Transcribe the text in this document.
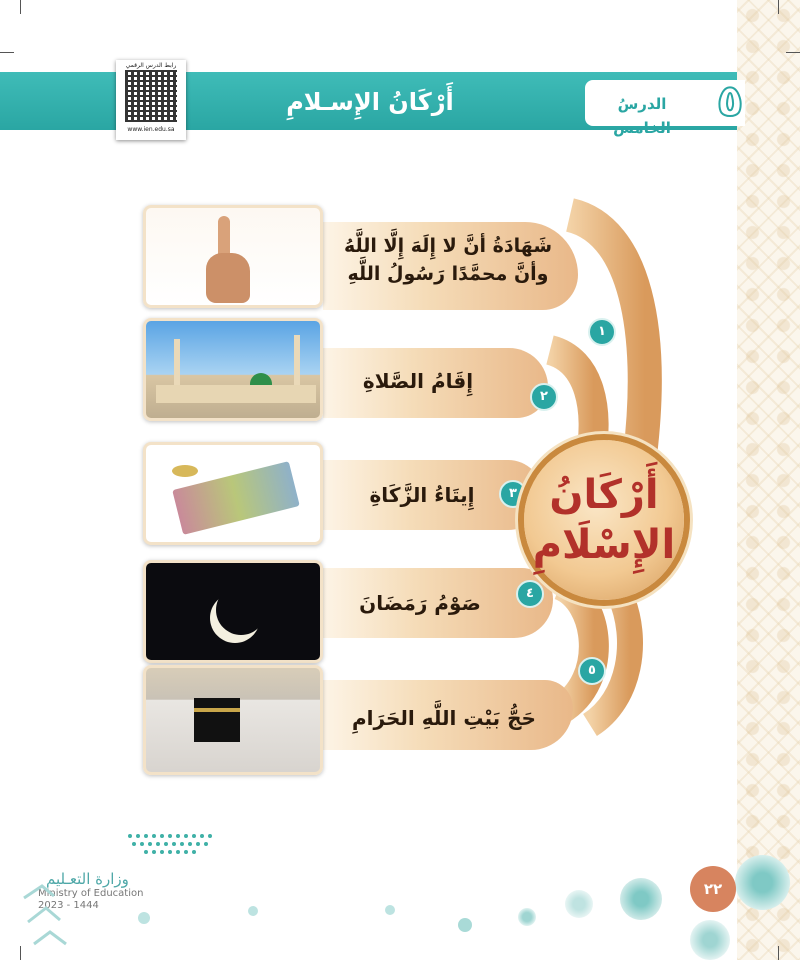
أَرْكَانُ الإِسـلامِ	الدرسُ الخامس
٥
رابط الدرس الرقمي
www.ien.edu.sa
شَهَادَةُ أنَّ لا إِلَهَ إِلَّا اللَّهُ
وأنَّ محمَّدًا رَسُولُ اللَّهِ
إِقَامُ الصَّلاةِ
إِيتَاءُ الزَّكَاةِ
صَوْمُ رَمَضَانَ
حَجُّ بَيْتِ اللَّهِ الحَرَامِ
١
٢
٣
٤
٥
أَرْكَانُ
الإِسْلَامِ
وزارة التعـليم
Ministry of Education
2023 - 1444
٢٢
